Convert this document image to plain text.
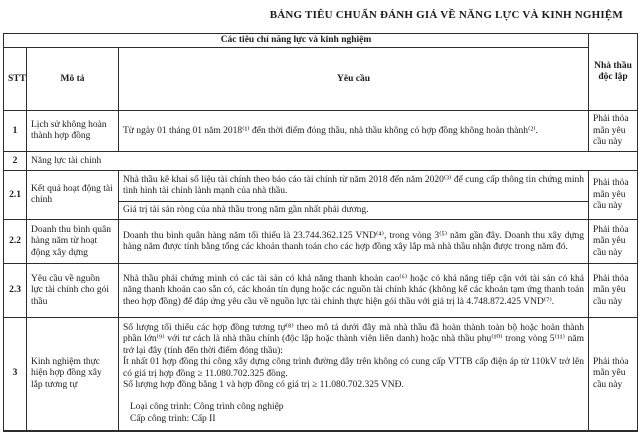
BẢNG TIÊU CHUẨN ĐÁNH GIÁ VỀ NĂNG LỰC VÀ KINH NGHIỆM
Các tiêu chí năng lực và kinh nghiệm			Nhà thầu độc lập
STT	Mô tả	Yêu cầu	
1	Lịch sử không hoàn thành hợp đồng	Từ ngày 01 tháng 01 năm 2018⁽¹⁾ đến thời điểm đóng thầu, nhà thầu không có hợp đồng không hoàn thành⁽²⁾.	Phải thỏa mãn yêu cầu này
2	Năng lực tài chính		
2.1	Kết quả hoạt động tài chính	Nhà thầu kê khai số liệu tài chính theo báo cáo tài chính từ năm 2018 đến năm 2020⁽³⁾ để cung cấp thông tin chứng minh tình hình tài chính lành mạnh của nhà thầu.	Phải thỏa mãn yêu cầu này
		Giá trị tài sản ròng của nhà thầu trong năm gần nhất phải dương.	
2.2	Doanh thu bình quân hàng năm từ hoạt động xây dựng	Doanh thu bình quân hàng năm tối thiểu là 23.744.362.125 VND⁽⁴⁾, trong vòng 3⁽⁵⁾ năm gần đây. Doanh thu xây dựng hàng năm được tính bằng tổng các khoản thanh toán cho các hợp đồng xây lắp mà nhà thầu nhận được trong năm đó.	Phải thỏa mãn yêu cầu này
2.3	Yêu cầu về nguồn lực tài chính cho gói thầu	Nhà thầu phải chứng minh có các tài sản có khả năng thanh khoản cao⁽⁶⁾ hoặc có khả năng tiếp cận với tài sản có khả năng thanh khoản cao sẵn có, các khoản tín dụng hoặc các nguồn tài chính khác (không kể các khoản tạm ứng thanh toán theo hợp đồng) để đáp ứng yêu cầu về nguồn lực tài chính thực hiện gói thầu với giá trị là 4.748.872.425 VND⁽⁷⁾.	Phải thỏa mãn yêu cầu này
3	Kinh nghiệm thực hiện hợp đồng xây lắp tương tự	Số lượng tối thiểu các hợp đồng tương tự⁽⁸⁾ theo mô tả dưới đây mà nhà thầu đã hoàn thành toàn bộ hoặc hoàn thành phần lớn⁽⁹⁾ với tư cách là nhà thầu chính (độc lập hoặc thành viên liên danh) hoặc nhà thầu phụ⁽¹⁰⁾ trong vòng 5⁽¹¹⁾ năm trở lại đây (tính đến thời điểm đóng thầu):
Ít nhất 01 hợp đồng thi công xây dựng công trình đường dây trên không có cung cấp VTTB cấp điện áp từ 110kV trở lên có giá trị hợp đồng ≥ 11.080.702.325 đồng.
Số lượng hợp đồng bằng 1 và hợp đồng có giá trị ≥ 11.080.702.325 VNĐ.
Loại công trình: Công trình công nghiệp
Cấp công trình: Cấp II	Phải thỏa mãn yêu cầu này
